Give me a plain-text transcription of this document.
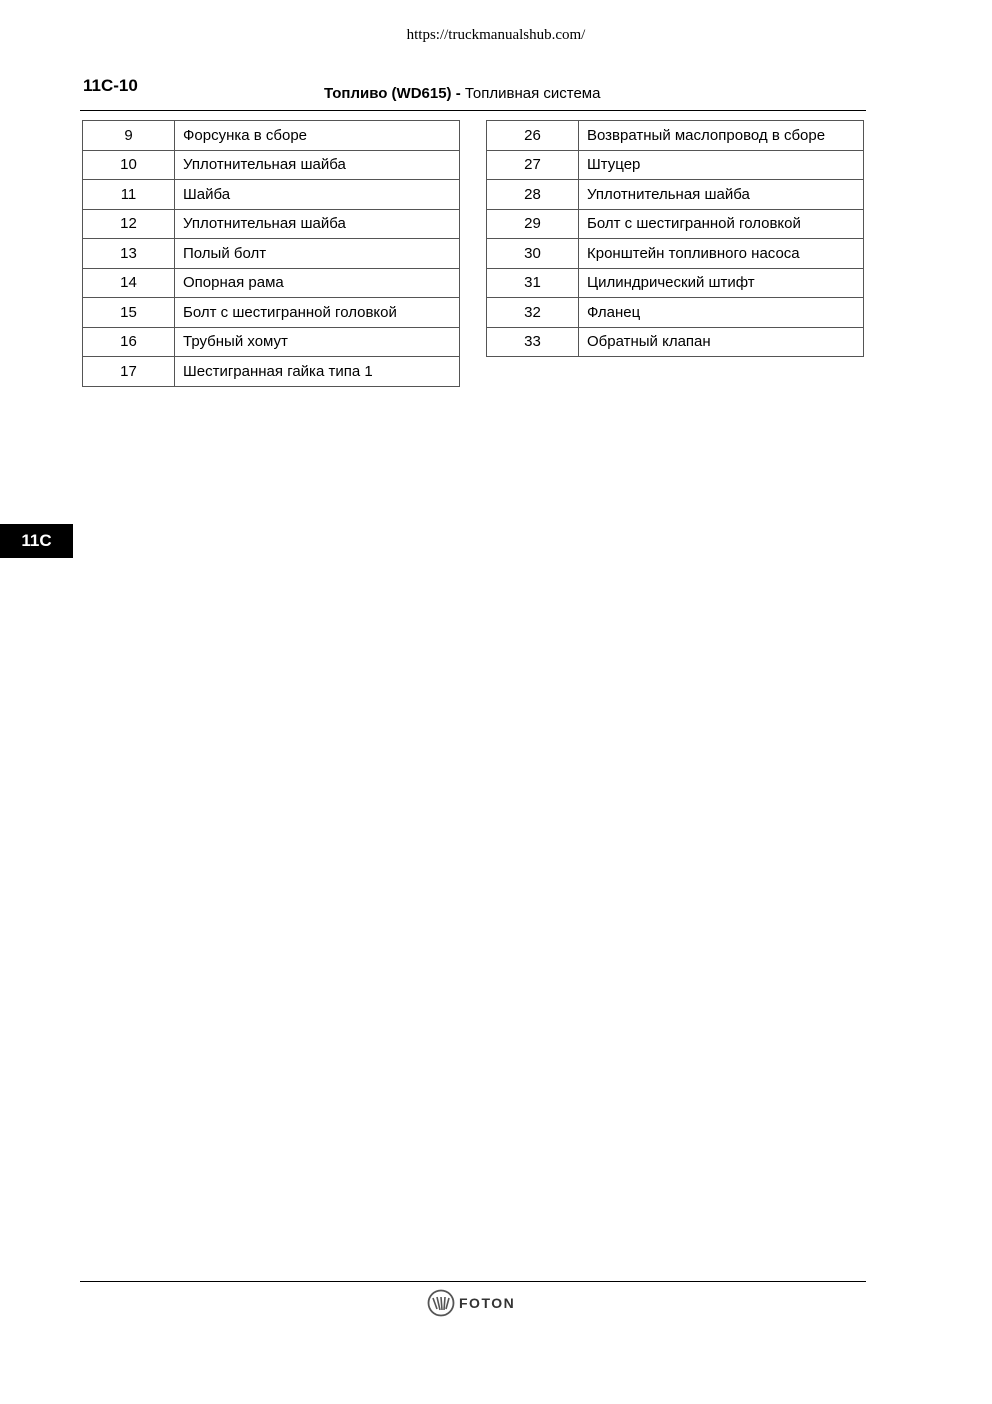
https://truckmanualshub.com/
11C-10	Топливо (WD615) - Топливная система
9	Форсунка в сборе
10	Уплотнительная шайба
11	Шайба
12	Уплотнительная шайба
13	Полый болт
14	Опорная рама
15	Болт с шестигранной головкой
16	Трубный хомут
17	Шестигранная гайка типа 1
26	Возвратный маслопровод в сборе
27	Штуцер
28	Уплотнительная шайба
29	Болт с шестигранной головкой
30	Кронштейн топливного насоса
31	Цилиндрический штифт
32	Фланец
33	Обратный клапан
11C
FOTON
